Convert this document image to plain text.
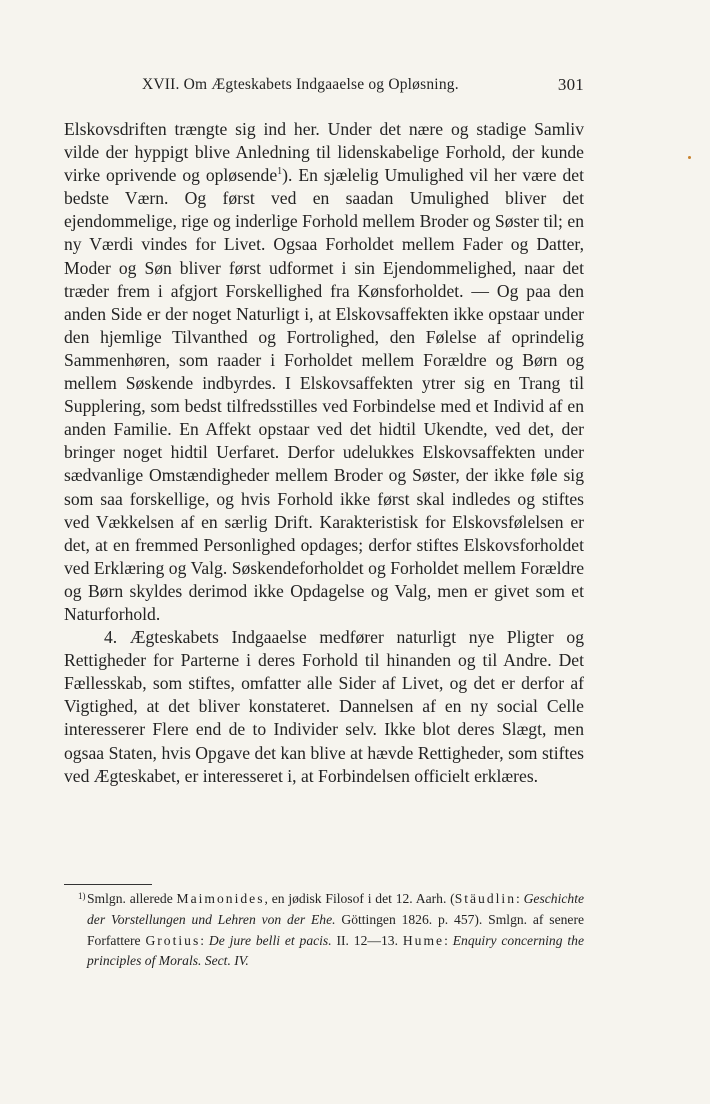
XVII. Om Ægteskabets Indgaaelse og Opløsning.	301

Elskovsdriften trængte sig ind her. Under det nære og stadige Samliv vilde der hyppigt blive Anledning til lidenskabelige Forhold, der kunde virke oprivende og opløsende$^1$). En sjælelig Umulighed vil her være det bedste Værn. Og først ved en saadan Umulighed bliver det ejendommelige, rige og inderlige Forhold mellem Broder og Søster til; en ny Værdi vindes for Livet. Ogsaa Forholdet mellem Fader og Datter, Moder og Søn bliver først udformet i sin Ejendommelighed, naar det træder frem i afgjort Forskellighed fra Kønsforholdet. — Og paa den anden Side er der noget Naturligt i, at Elskovsaffekten ikke opstaar under den hjemlige Tilvanthed og Fortrolighed, den Følelse af oprindelig Sammenhøren, som raader i Forholdet mellem Forældre og Børn og mellem Søskende indbyrdes. I Elskovsaffekten ytrer sig en Trang til Supplering, som bedst tilfredsstilles ved Forbindelse med et Individ af en anden Familie. En Affekt opstaar ved det hidtil Ukendte, ved det, der bringer noget hidtil Uerfaret. Derfor udelukkes Elskovsaffekten under sædvanlige Omstændigheder mellem Broder og Søster, der ikke føle sig som saa forskellige, og hvis Forhold ikke først skal indledes og stiftes ved Vækkelsen af en særlig Drift. Karakteristisk for Elskovsfølelsen er det, at en fremmed Personlighed opdages; derfor stiftes Elskovsforholdet ved Erklæring og Valg. Søskendeforholdet og Forholdet mellem Forældre og Børn skyldes derimod ikke Opdagelse og Valg, men er givet som et Naturforhold.

4. Ægteskabets Indgaaelse medfører naturligt nye Pligter og Rettigheder for Parterne i deres Forhold til hinanden og til Andre. Det Fællesskab, som stiftes, omfatter alle Sider af Livet, og det er derfor af Vigtighed, at det bliver konstateret. Dannelsen af en ny social Celle interesserer Flere end de to Individer selv. Ikke blot deres Slægt, men ogsaa Staten, hvis Opgave det kan blive at hævde Rettigheder, som stiftes ved Ægteskabet, er interesseret i, at Forbindelsen officielt erklæres.

1) Smlgn. allerede Maimonides, en jødisk Filosof i det 12. Aarh. (Stäudlin: Geschichte der Vorstellungen und Lehren von der Ehe. Göttingen 1826. p. 457). Smlgn. af senere Forfattere Grotius: De jure belli et pacis. II. 12—13. Hume: Enquiry concerning the principles of Morals. Sect. IV.
